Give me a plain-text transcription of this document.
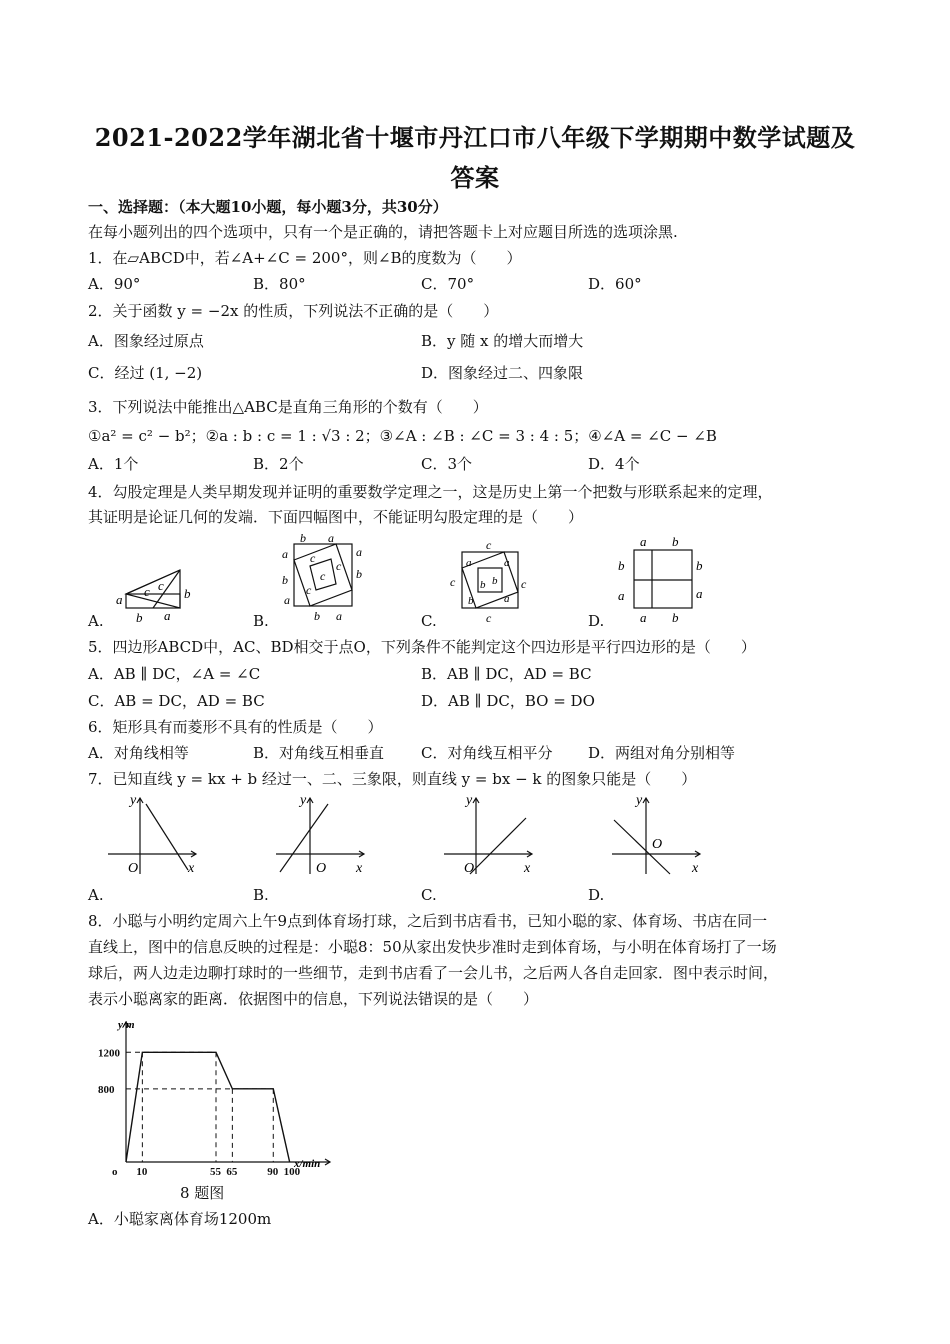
2021-2022学年湖北省十堰市丹江口市八年级下学期期中数学试题及
答案
一、选择题：（本大题10小题，每小题3分，共30分）
在每小题列出的四个选项中，只有一个是正确的，请把答题卡上对应题目所选的选项涂黑.
1．在▱ABCD中，若∠A+∠C = 200°，则∠B的度数为（　　）
A．90°	B．80°	C．70°	D．60°
2．关于函数 y = −2x 的性质，下列说法不正确的是（　　）
A．图象经过原点	B．y 随 x 的增大而增大
C．经过 (1, −2)	D．图象经过二、四象限
3．下列说法中能推出△ABC是直角三角形的个数有（　　）
①a² = c² − b²；②a : b : c = 1 : √3 : 2；③∠A : ∠B : ∠C = 3 : 4 : 5；④∠A = ∠C − ∠B
A．1个	B．2个	C．3个	D．4个
4．勾股定理是人类早期发现并证明的重要数学定理之一，这是历史上第一个把数与形联系起来的定理，
其证明是论证几何的发端．下面四幅图中，不能证明勾股定理的是（　　）
a
c c
b
b a
A.
b a
a
b
a
b
a
b a
c
c
c
c
B.
c
c	c
c
a	a
b b
b	a
C.
a b
b
a
b
a
a b
D.
5．四边形ABCD中，AC、BD相交于点O，下列条件不能判定这个四边形是平行四边形的是（　　）
A．AB ∥ DC，∠A = ∠C	B．AB ∥ DC，AD = BC
C．AB = DC，AD = BC	D．AB ∥ DC，BO = DO
6．矩形具有而菱形不具有的性质是（　　）
A．对角线相等	B．对角线互相垂直 C．对角线互相平分 D．两组对角分别相等
7．已知直线 y = kx + b 经过一、二、三象限，则直线 y = bx − k 的图象只能是（　　）
y
x
O
A.
y
x
O
B.
y
x
O
C.
y
x
O
D.
8．小聪与小明约定周六上午9点到体育场打球，之后到书店看书，已知小聪的家、体育场、书店在同一
直线上，图中的信息反映的过程是：小聪8：50从家出发快步准时走到体育场，与小明在体育场打了一场
球后，两人边走边聊打球时的一些细节，走到书店看了一会儿书，之后两人各自走回家．图中表示时间，
表示小聪离家的距离．依据图中的信息，下列说法错误的是（　　）
1200
800
o 10	55 65	90 100
y/m
x/min
8 题图
A．小聪家离体育场1200m
